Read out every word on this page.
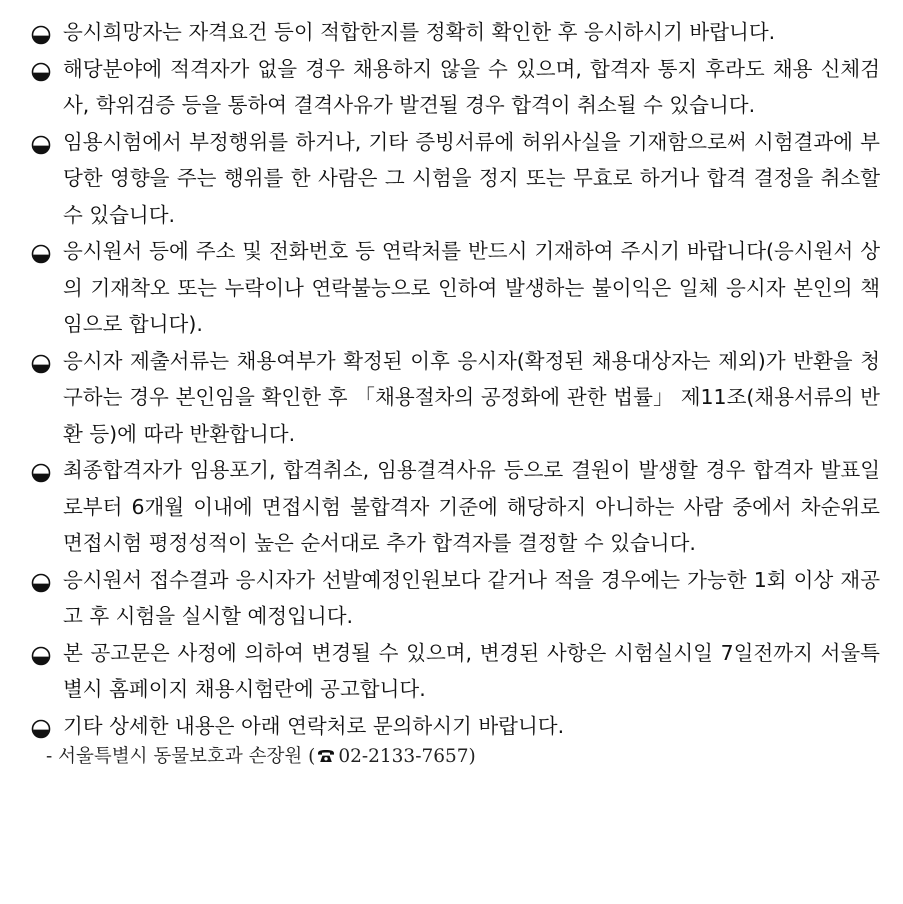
응시희망자는 자격요건 등이 적합한지를 정확히 확인한 후 응시하시기 바랍니다.

해당분야에 적격자가 없을 경우 채용하지 않을 수 있으며, 합격자 통지 후라도 채용 신체검사, 학위검증 등을 통하여 결격사유가 발견될 경우 합격이 취소될 수 있습니다.

임용시험에서 부정행위를 하거나, 기타 증빙서류에 허위사실을 기재함으로써 시험결과에 부당한 영향을 주는 행위를 한 사람은 그 시험을 정지 또는 무효로 하거나 합격 결정을 취소할 수 있습니다.

응시원서 등에 주소 및 전화번호 등 연락처를 반드시 기재하여 주시기 바랍니다(응시원서 상의 기재착오 또는 누락이나 연락불능으로 인하여 발생하는 불이익은 일체 응시자 본인의 책임으로 합니다).

응시자 제출서류는 채용여부가 확정된 이후 응시자(확정된 채용대상자는 제외)가 반환을 청구하는 경우 본인임을 확인한 후 「채용절차의 공정화에 관한 법률」 제11조(채용서류의 반환 등)에 따라 반환합니다.

최종합격자가 임용포기, 합격취소, 임용결격사유 등으로 결원이 발생할 경우 합격자 발표일로부터 6개월 이내에 면접시험 불합격자 기준에 해당하지 아니하는 사람 중에서 차순위로 면접시험 평정성적이 높은 순서대로 추가 합격자를 결정할 수 있습니다.

응시원서 접수결과 응시자가 선발예정인원보다 같거나 적을 경우에는 가능한 1회 이상 재공고 후 시험을 실시할 예정입니다.

본 공고문은 사정에 의하여 변경될 수 있으며, 변경된 사항은 시험실시일 7일전까지 서울특별시 홈페이지 채용시험란에 공고합니다.

기타 상세한 내용은 아래 연락처로 문의하시기 바랍니다.

- 서울특별시 동물보호과 손장원 ( 02-2133-7657)
